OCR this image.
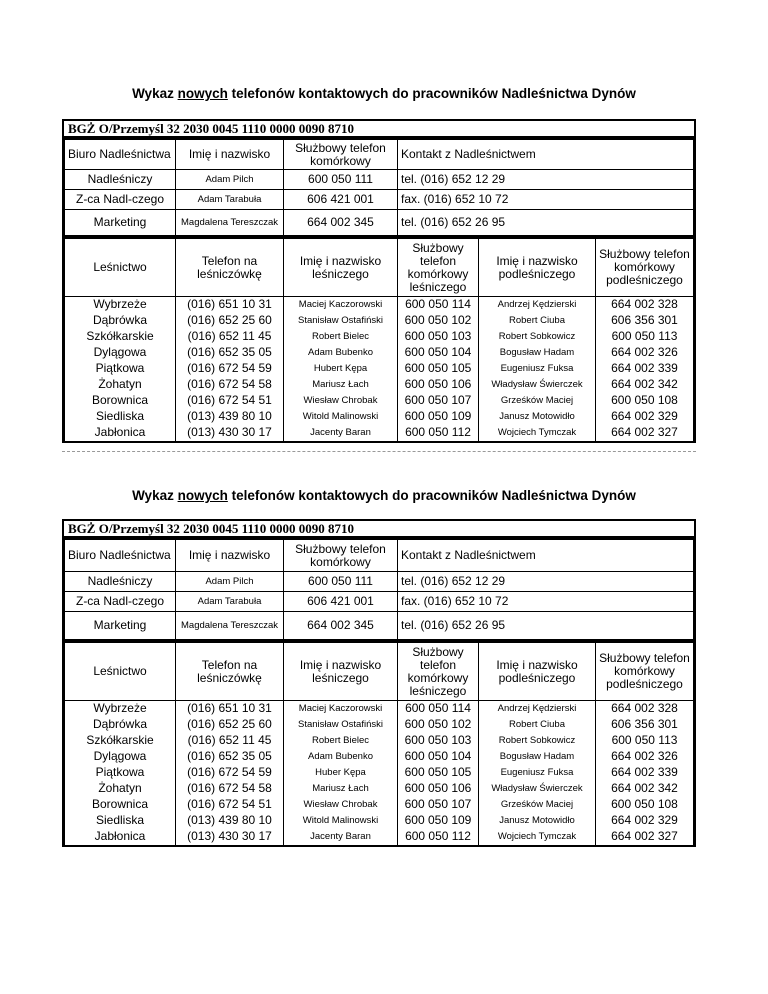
Wykaz nowych telefonów kontaktowych do pracowników Nadleśnictwa Dynów
BGŻ O/Przemyśl 32 2030 0045 1110 0000 0090 8710
Biuro Nadleśnictwa	Imię i nazwisko	Służbowy telefon komórkowy	Kontakt z Nadleśnictwem
Nadleśniczy	Adam Pilch	600 050 111	tel. (016) 652 12 29
Z-ca Nadl-czego	Adam Tarabuła	606 421 001	fax. (016) 652 10 72
Marketing	Magdalena Tereszczak	664 002 345	tel. (016) 652 26 95
Leśnictwo	Telefon na leśniczówkę	Imię i nazwisko leśniczego	Służbowy telefon komórkowy leśniczego	Imię i nazwisko podleśniczego	Służbowy telefon komórkowy podleśniczego
Wybrzeże	(016) 651 10 31	Maciej Kaczorowski	600 050 114	Andrzej Kędzierski	664 002 328
Dąbrówka	(016) 652 25 60	Stanisław Ostafiński	600 050 102	Robert Ciuba	606 356 301
Szkółkarskie	(016) 652 11 45	Robert Bielec	600 050 103	Robert Sobkowicz	600 050 113
Dylągowa	(016) 652 35 05	Adam Bubenko	600 050 104	Bogusław Hadam	664 002 326
Piątkowa	(016) 672 54 59	Hubert Kępa	600 050 105	Eugeniusz Fuksa	664 002 339
Żohatyn	(016) 672 54 58	Mariusz Łach	600 050 106	Władysław Świerczek	664 002 342
Borownica	(016) 672 54 51	Wiesław Chrobak	600 050 107	Grześków Maciej	600 050 108
Siedliska	(013) 439 80 10	Witold Malinowski	600 050 109	Janusz Motowidło	664 002 329
Jabłonica	(013) 430 30 17	Jacenty Baran	600 050 112	Wojciech Tymczak	664 002 327
Wykaz nowych telefonów kontaktowych do pracowników Nadleśnictwa Dynów
BGŻ O/Przemyśl 32 2030 0045 1110 0000 0090 8710
Biuro Nadleśnictwa	Imię i nazwisko	Służbowy telefon komórkowy	Kontakt z Nadleśnictwem
Nadleśniczy	Adam Pilch	600 050 111	tel. (016) 652 12 29
Z-ca Nadl-czego	Adam Tarabuła	606 421 001	fax. (016) 652 10 72
Marketing	Magdalena Tereszczak	664 002 345	tel. (016) 652 26 95
Leśnictwo	Telefon na leśniczówkę	Imię i nazwisko leśniczego	Służbowy telefon komórkowy leśniczego	Imię i nazwisko podleśniczego	Służbowy telefon komórkowy podleśniczego
Wybrzeże	(016) 651 10 31	Maciej Kaczorowski	600 050 114	Andrzej Kędzierski	664 002 328
Dąbrówka	(016) 652 25 60	Stanisław Ostafiński	600 050 102	Robert Ciuba	606 356 301
Szkółkarskie	(016) 652 11 45	Robert Bielec	600 050 103	Robert Sobkowicz	600 050 113
Dylągowa	(016) 652 35 05	Adam Bubenko	600 050 104	Bogusław Hadam	664 002 326
Piątkowa	(016) 672 54 59	Huber Kępa	600 050 105	Eugeniusz Fuksa	664 002 339
Żohatyn	(016) 672 54 58	Mariusz Łach	600 050 106	Władysław Świerczek	664 002 342
Borownica	(016) 672 54 51	Wiesław Chrobak	600 050 107	Grześków Maciej	600 050 108
Siedliska	(013) 439 80 10	Witold Malinowski	600 050 109	Janusz Motowidło	664 002 329
Jabłonica	(013) 430 30 17	Jacenty Baran	600 050 112	Wojciech Tymczak	664 002 327
